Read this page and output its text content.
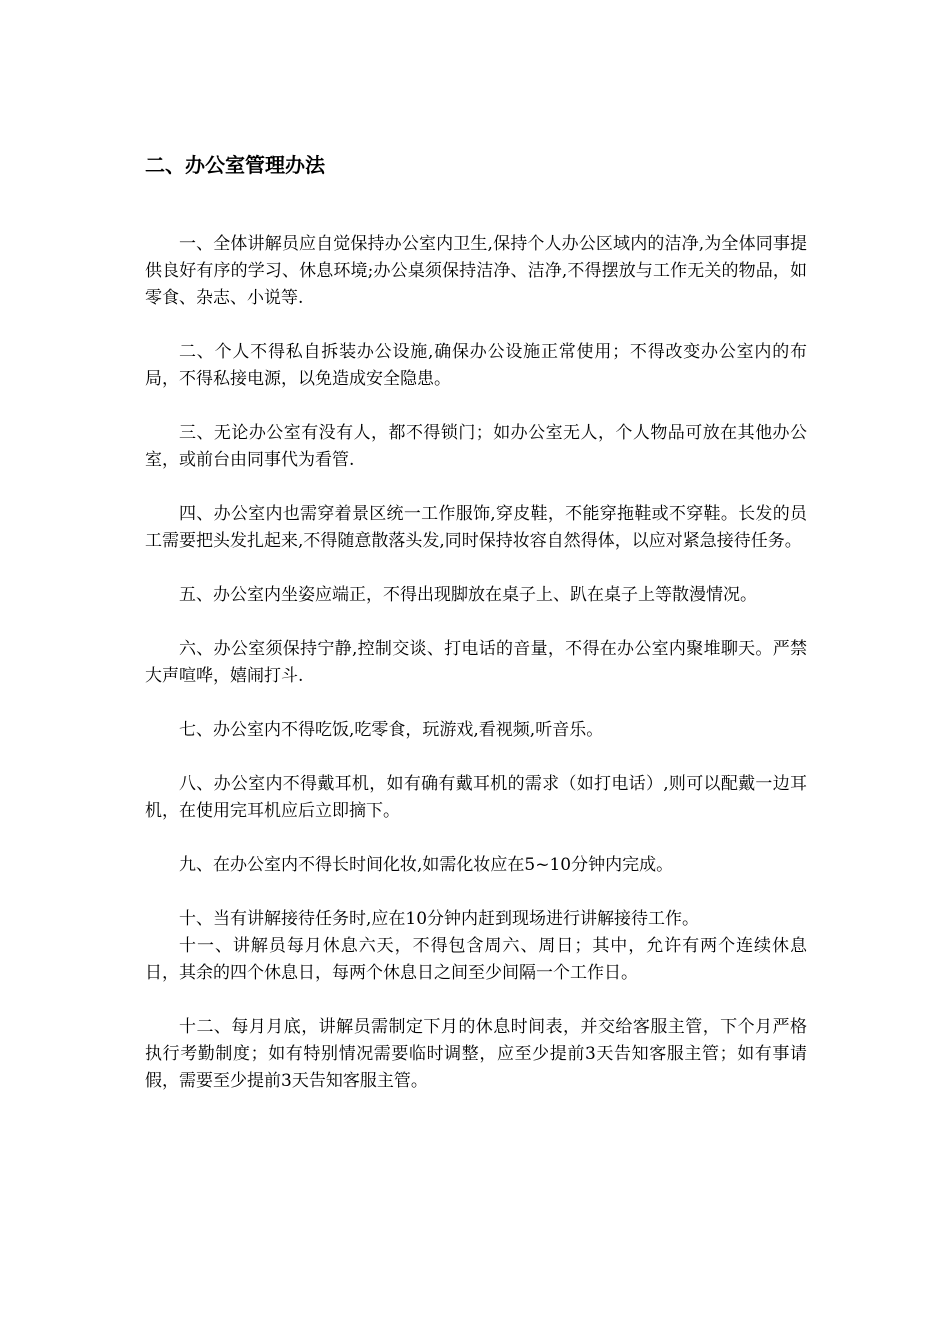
二、办公室管理办法

一、全体讲解员应自觉保持办公室内卫生,保持个人办公区域内的洁净,为全体同事提供良好有序的学习、休息环境;办公桌须保持洁净、洁净,不得摆放与工作无关的物品，如零食、杂志、小说等.

二、个人不得私自拆装办公设施,确保办公设施正常使用；不得改变办公室内的布局，不得私接电源，以免造成安全隐患。

三、无论办公室有没有人，都不得锁门；如办公室无人，个人物品可放在其他办公室，或前台由同事代为看管.

四、办公室内也需穿着景区统一工作服饰,穿皮鞋，不能穿拖鞋或不穿鞋。长发的员工需要把头发扎起来,不得随意散落头发,同时保持妆容自然得体，以应对紧急接待任务。

五、办公室内坐姿应端正，不得出现脚放在桌子上、趴在桌子上等散漫情况。

六、办公室须保持宁静,控制交谈、打电话的音量，不得在办公室内聚堆聊天。严禁大声喧哗，嬉闹打斗.

七、办公室内不得吃饭,吃零食，玩游戏,看视频,听音乐。

八、办公室内不得戴耳机，如有确有戴耳机的需求（如打电话）,则可以配戴一边耳机，在使用完耳机应后立即摘下。

九、在办公室内不得长时间化妆,如需化妆应在5~10分钟内完成。

十、当有讲解接待任务时,应在10分钟内赶到现场进行讲解接待工作。

十一、讲解员每月休息六天，不得包含周六、周日；其中，允许有两个连续休息日，其余的四个休息日，每两个休息日之间至少间隔一个工作日。

十二、每月月底，讲解员需制定下月的休息时间表，并交给客服主管，下个月严格执行考勤制度；如有特别情况需要临时调整，应至少提前3天告知客服主管；如有事请假，需要至少提前3天告知客服主管。
